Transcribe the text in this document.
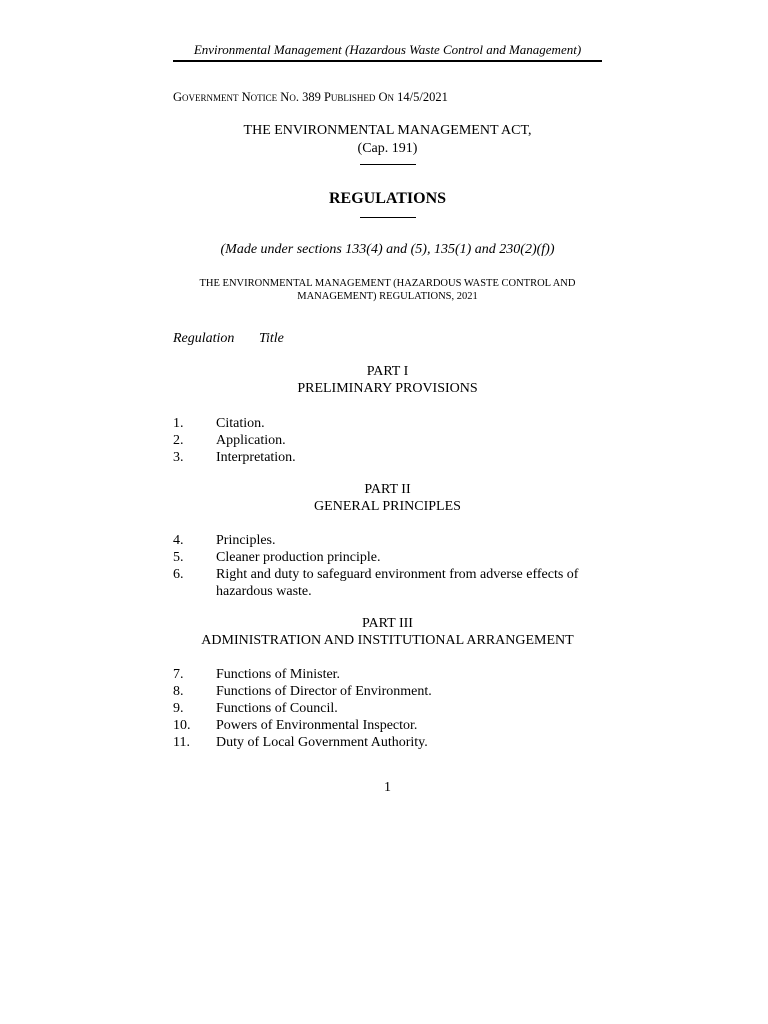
Environmental Management (Hazardous Waste Control and Management)
Government Notice No. 389 Published On 14/5/2021
THE ENVIRONMENTAL MANAGEMENT ACT,
(Cap. 191)
REGULATIONS
(Made under sections 133(4) and (5), 135(1) and 230(2)(f))
THE ENVIRONMENTAL MANAGEMENT (HAZARDOUS WASTE CONTROL AND
MANAGEMENT) REGULATIONS, 2021
Regulation Title
PART I
PRELIMINARY PROVISIONS
1.	Citation.
2.	Application.
3.	Interpretation.
PART II
GENERAL PRINCIPLES
4.	Principles.
5.	Cleaner production principle.
6.	Right and duty to safeguard environment from adverse effects of hazardous waste.
PART III
ADMINISTRATION AND INSTITUTIONAL ARRANGEMENT
7.	Functions of Minister.
8.	Functions of Director of Environment.
9.	Functions of Council.
10.	Powers of Environmental Inspector.
11.	Duty of Local Government Authority.
1
